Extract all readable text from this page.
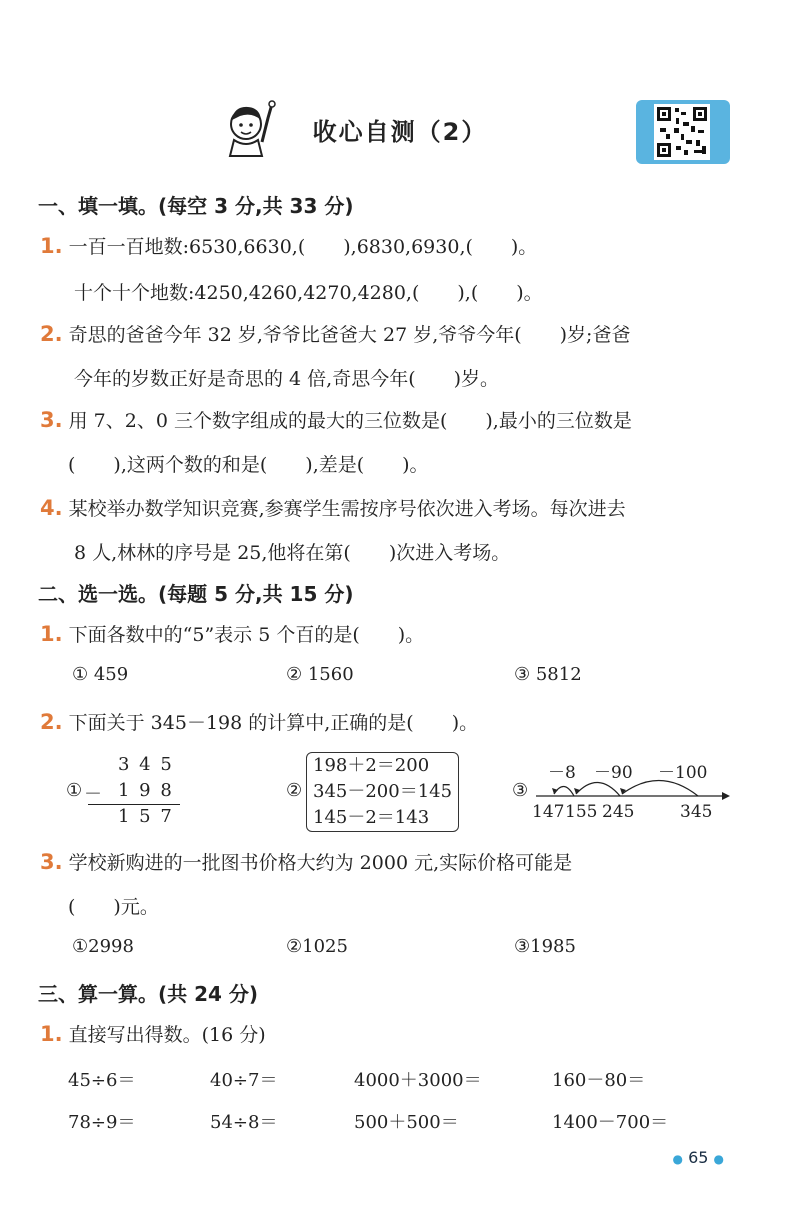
收心自测（2）
一、填一填。(每空 3 分,共 33 分)
1. 一百一百地数:6530,6630,(　　),6830,6930,(　　)。
十个十个地数:4250,4260,4270,4280,(　　),(　　)。
2. 奇思的爸爸今年 32 岁,爷爷比爸爸大 27 岁,爷爷今年(　　)岁;爸爸
今年的岁数正好是奇思的 4 倍,奇思今年(　　)岁。
3. 用 7、2、0 三个数字组成的最大的三位数是(　　),最小的三位数是
(　　),这两个数的和是(　　),差是(　　)。
4. 某校举办数学知识竞赛,参赛学生需按序号依次进入考场。每次进去
8 人,林林的序号是 25,他将在第(　　)次进入考场。
二、选一选。(每题 5 分,共 15 分)
1. 下面各数中的“5”表示 5 个百的是(　　)。
① 459	② 1560	③ 5812
2. 下面关于 345－198 的计算中,正确的是(　　)。
①
3 4 5
－ 1 9 8
1 5 7
②
198＋2＝200
345－200＝145
145－2＝143
③
－8 －90 －100
147 155 245	345
3. 学校新购进的一批图书价格大约为 2000 元,实际价格可能是
(　　)元。
①2998	②1025	③1985
三、算一算。(共 24 分)
1. 直接写出得数。(16 分)
45÷6＝	40÷7＝	4000＋3000＝	160－80＝
78÷9＝	54÷8＝	500＋500＝	1400－700＝
● 65 ●
